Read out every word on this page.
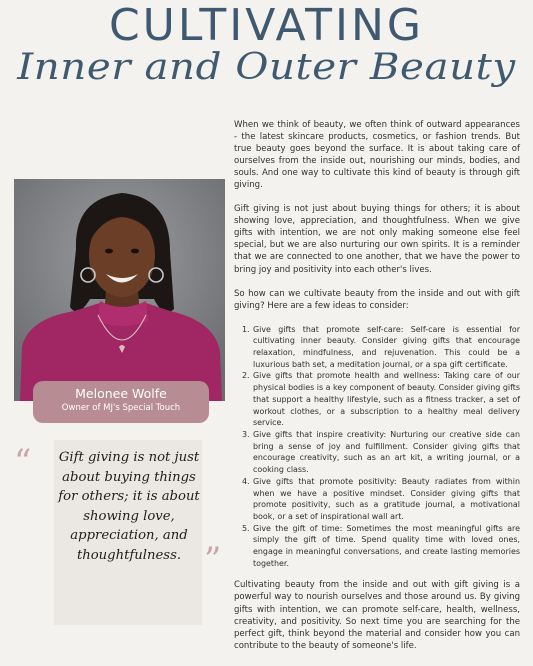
CULTIVATING
Inner and Outer Beauty
Melonee Wolfe
Owner of MJ's Special Touch
“ Gift giving is not just about buying things for others; it is about showing love, appreciation, and thoughtfulness. ”

When we think of beauty, we often think of outward appearances - the latest skincare products, cosmetics, or fashion trends. But true beauty goes beyond the surface. It is about taking care of ourselves from the inside out, nourishing our minds, bodies, and souls. And one way to cultivate this kind of beauty is through gift giving.

Gift giving is not just about buying things for others; it is about showing love, appreciation, and thoughtfulness. When we give gifts with intention, we are not only making someone else feel special, but we are also nurturing our own spirits. It is a reminder that we are connected to one another, that we have the power to bring joy and positivity into each other's lives.

So how can we cultivate beauty from the inside and out with gift giving? Here are a few ideas to consider:

1. Give gifts that promote self-care: Self-care is essential for cultivating inner beauty. Consider giving gifts that encourage relaxation, mindfulness, and rejuvenation. This could be a luxurious bath set, a meditation journal, or a spa gift certificate.
2. Give gifts that promote health and wellness: Taking care of our physical bodies is a key component of beauty. Consider giving gifts that support a healthy lifestyle, such as a fitness tracker, a set of workout clothes, or a subscription to a healthy meal delivery service.
3. Give gifts that inspire creativity: Nurturing our creative side can bring a sense of joy and fulfillment. Consider giving gifts that encourage creativity, such as an art kit, a writing journal, or a cooking class.
4. Give gifts that promote positivity: Beauty radiates from within when we have a positive mindset. Consider giving gifts that promote positivity, such as a gratitude journal, a motivational book, or a set of inspirational wall art.
5. Give the gift of time: Sometimes the most meaningful gifts are simply the gift of time. Spend quality time with loved ones, engage in meaningful conversations, and create lasting memories together.

Cultivating beauty from the inside and out with gift giving is a powerful way to nourish ourselves and those around us. By giving gifts with intention, we can promote self-care, health, wellness, creativity, and positivity. So next time you are searching for the perfect gift, think beyond the material and consider how you can contribute to the beauty of someone's life.
